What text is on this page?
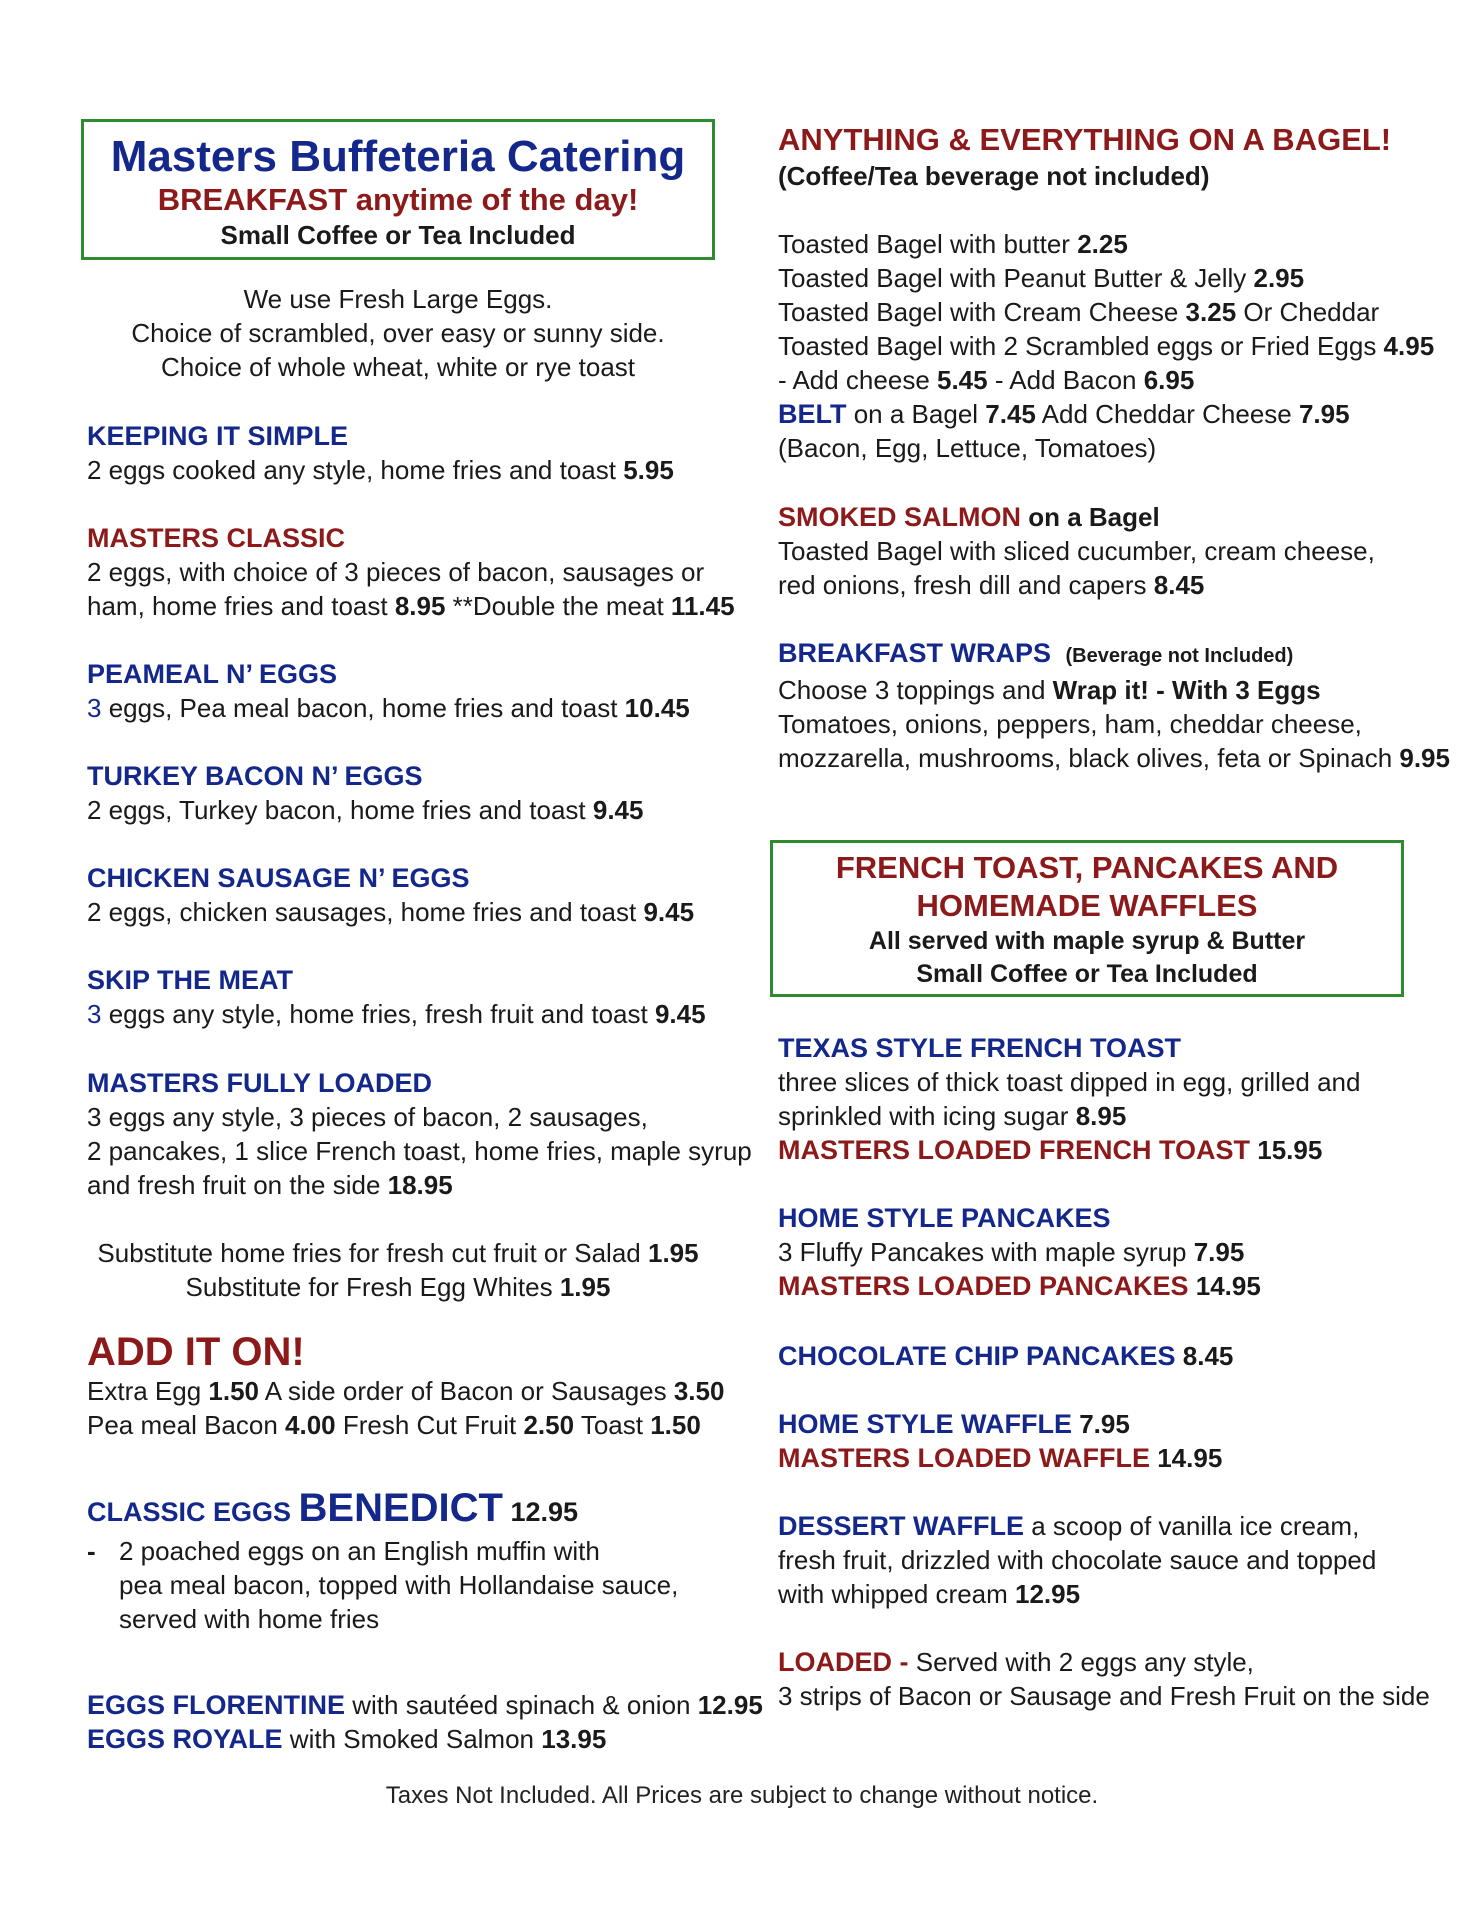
Masters Buffeteria Catering
BREAKFAST anytime of the day!
Small Coffee or Tea Included
We use Fresh Large Eggs.
Choice of scrambled, over easy or sunny side.
Choice of whole wheat, white or rye toast
KEEPING IT SIMPLE
2 eggs cooked any style, home fries and toast 5.95
MASTERS CLASSIC
2 eggs, with choice of 3 pieces of bacon, sausages or
ham, home fries and toast 8.95 **Double the meat 11.45
PEAMEAL N’ EGGS
3 eggs, Pea meal bacon, home fries and toast 10.45
TURKEY BACON N’ EGGS
2 eggs, Turkey bacon, home fries and toast 9.45
CHICKEN SAUSAGE N’ EGGS
2 eggs, chicken sausages, home fries and toast 9.45
SKIP THE MEAT
3 eggs any style, home fries, fresh fruit and toast 9.45
MASTERS FULLY LOADED
3 eggs any style, 3 pieces of bacon, 2 sausages,
2 pancakes, 1 slice French toast, home fries, maple syrup
and fresh fruit on the side 18.95
Substitute home fries for fresh cut fruit or Salad 1.95
Substitute for Fresh Egg Whites 1.95
ADD IT ON!
Extra Egg 1.50 A side order of Bacon or Sausages 3.50
Pea meal Bacon 4.00 Fresh Cut Fruit 2.50 Toast 1.50
CLASSIC EGGS BENEDICT 12.95
- 2 poached eggs on an English muffin with
pea meal bacon, topped with Hollandaise sauce,
served with home fries
EGGS FLORENTINE with sautéed spinach & onion 12.95
EGGS ROYALE with Smoked Salmon 13.95
ANYTHING & EVERYTHING ON A BAGEL!
(Coffee/Tea beverage not included)
Toasted Bagel with butter 2.25
Toasted Bagel with Peanut Butter & Jelly 2.95
Toasted Bagel with Cream Cheese 3.25 Or Cheddar
Toasted Bagel with 2 Scrambled eggs or Fried Eggs 4.95
- Add cheese 5.45 - Add Bacon 6.95
BELT on a Bagel 7.45 Add Cheddar Cheese 7.95
(Bacon, Egg, Lettuce, Tomatoes)
SMOKED SALMON on a Bagel
Toasted Bagel with sliced cucumber, cream cheese,
red onions, fresh dill and capers 8.45
BREAKFAST WRAPS (Beverage not Included)
Choose 3 toppings and Wrap it! - With 3 Eggs
Tomatoes, onions, peppers, ham, cheddar cheese,
mozzarella, mushrooms, black olives, feta or Spinach 9.95
FRENCH TOAST, PANCAKES AND
HOMEMADE WAFFLES
All served with maple syrup & Butter
Small Coffee or Tea Included
TEXAS STYLE FRENCH TOAST
three slices of thick toast dipped in egg, grilled and
sprinkled with icing sugar 8.95
MASTERS LOADED FRENCH TOAST 15.95
HOME STYLE PANCAKES
3 Fluffy Pancakes with maple syrup 7.95
MASTERS LOADED PANCAKES 14.95
CHOCOLATE CHIP PANCAKES 8.45
HOME STYLE WAFFLE 7.95
MASTERS LOADED WAFFLE 14.95
DESSERT WAFFLE a scoop of vanilla ice cream,
fresh fruit, drizzled with chocolate sauce and topped
with whipped cream 12.95
LOADED - Served with 2 eggs any style,
3 strips of Bacon or Sausage and Fresh Fruit on the side
Taxes Not Included. All Prices are subject to change without notice.
